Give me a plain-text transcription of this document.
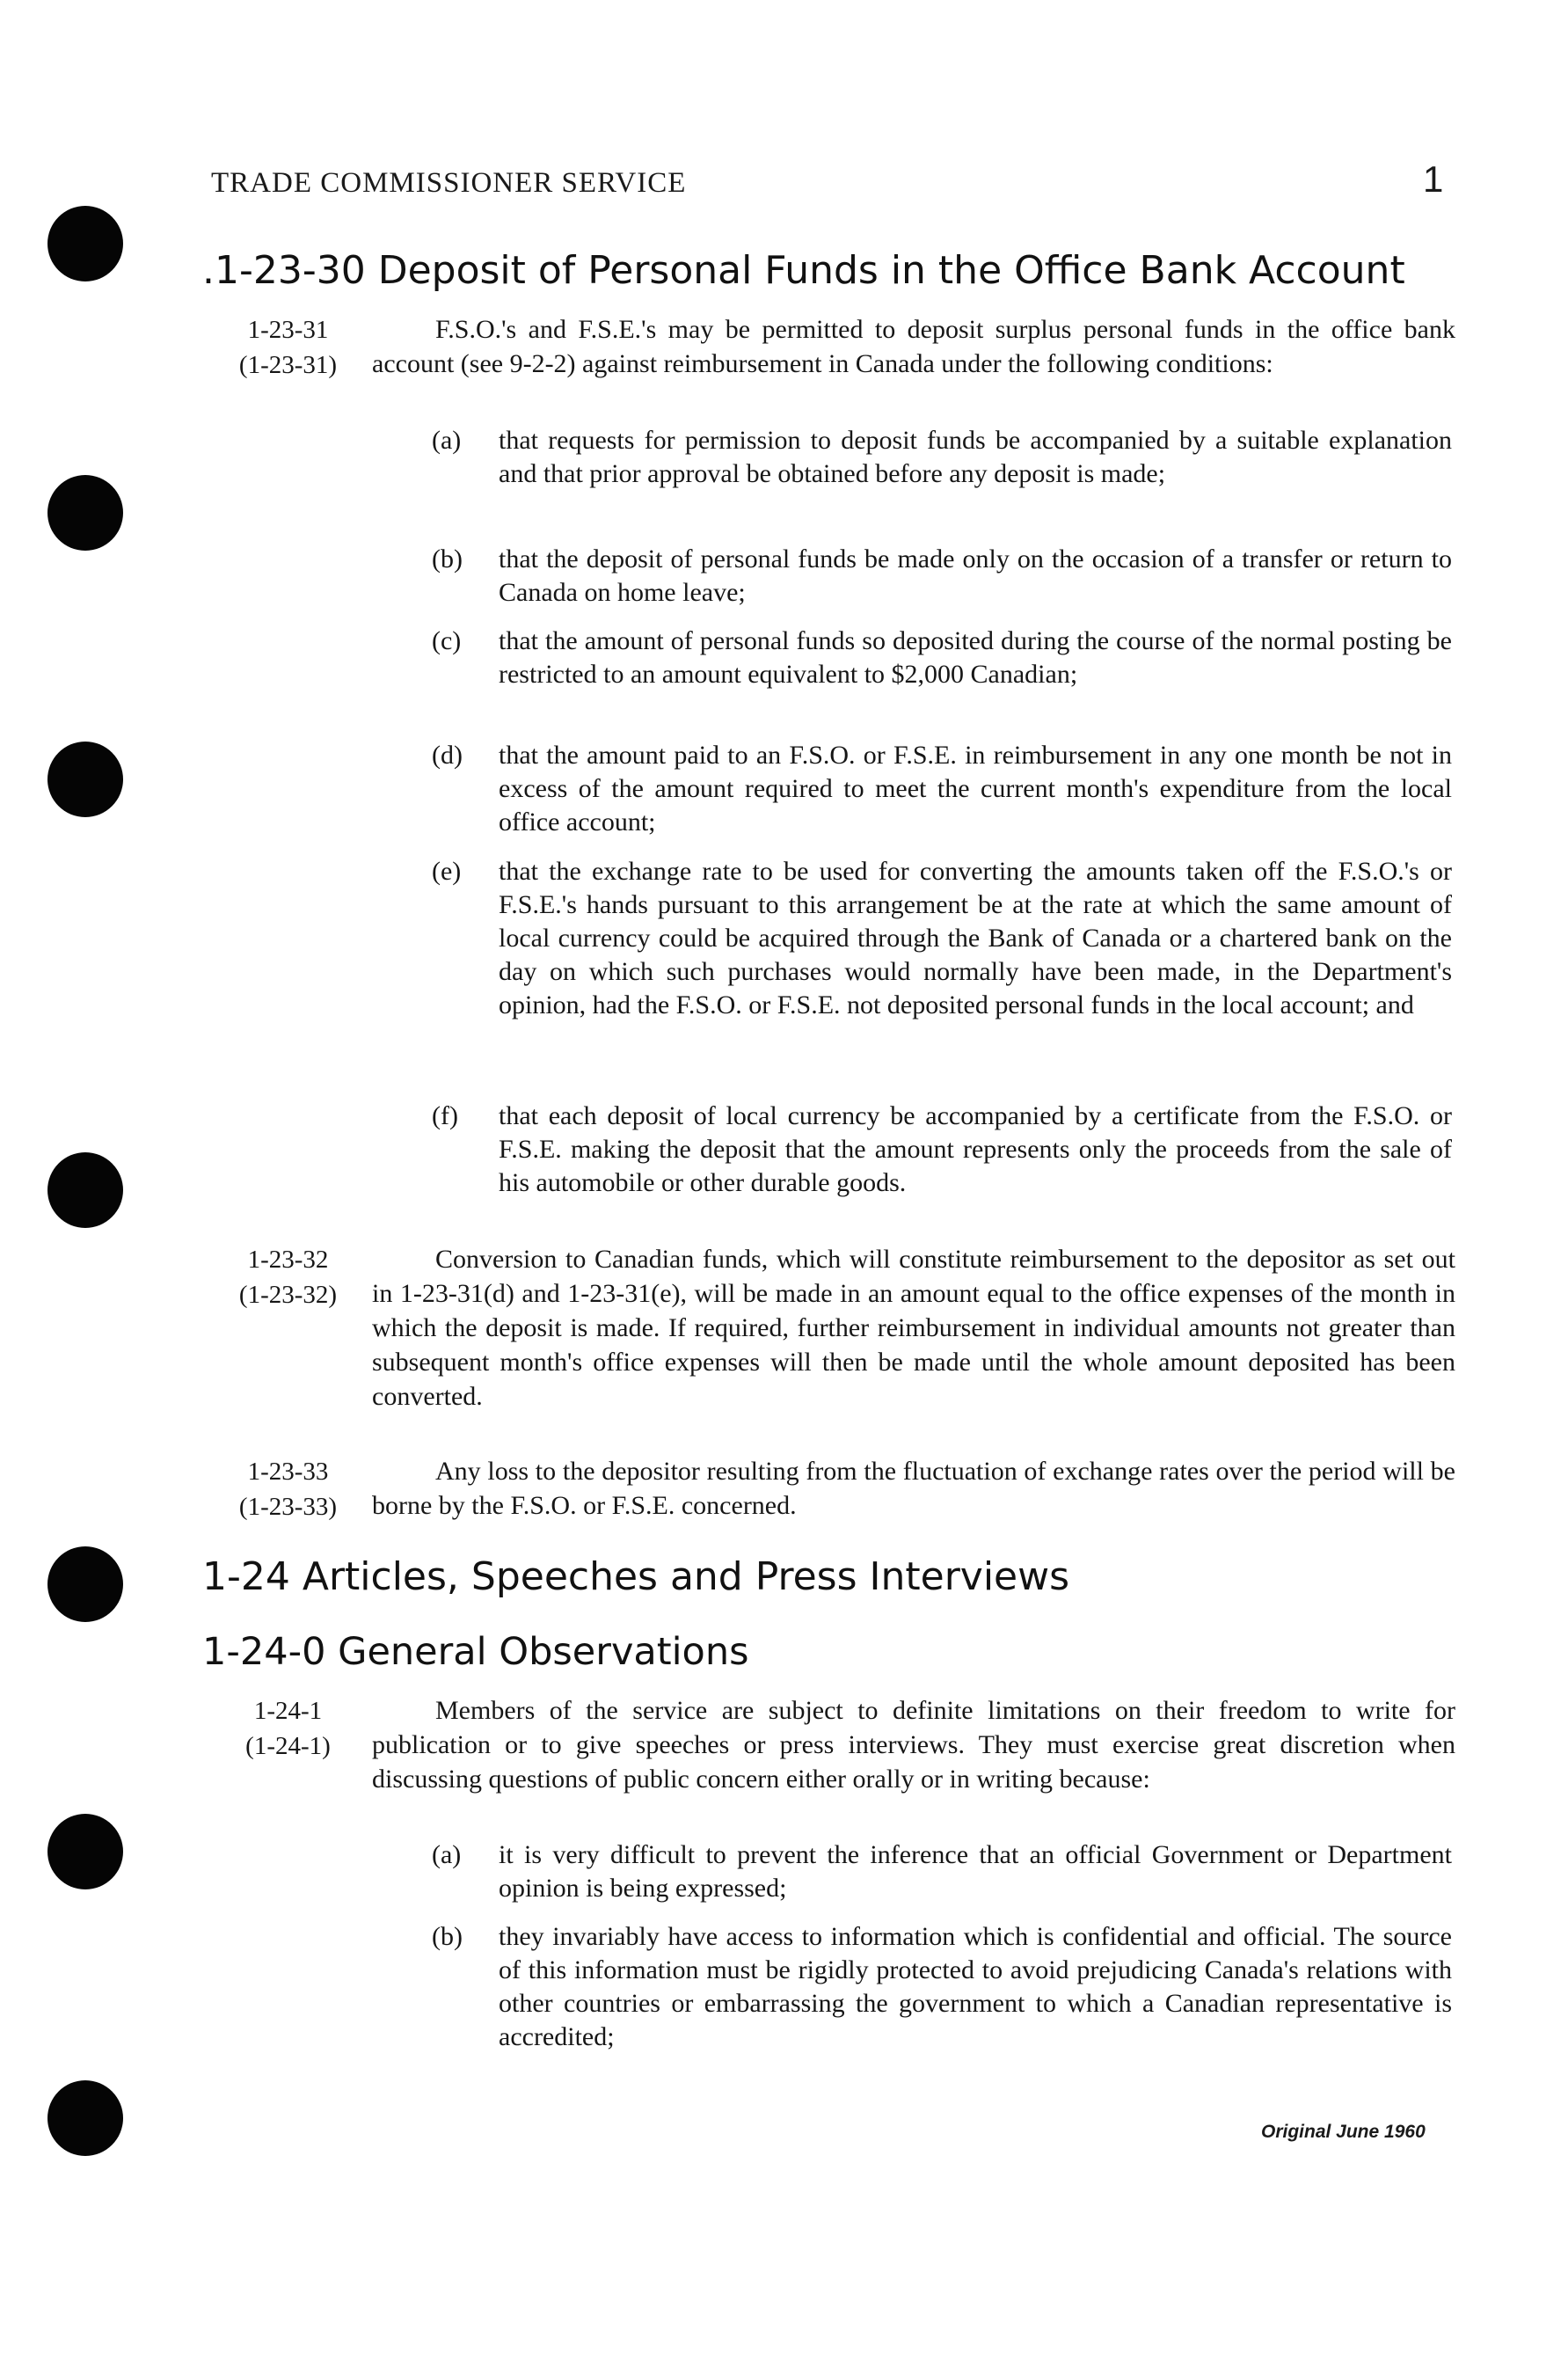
TRADE COMMISSIONER SERVICE	1
.1-23-30 Deposit of Personal Funds in the Office Bank Account
1-23-31
(1-23-31)
F.S.O.'s and F.S.E.'s may be permitted to deposit surplus personal funds in the office bank account (see 9-2-2) against reimbursement in Canada under the following conditions:
(a) that requests for permission to deposit funds be accompanied by a suitable explanation and that prior approval be obtained before any deposit is made;
(b) that the deposit of personal funds be made only on the occasion of a transfer or return to Canada on home leave;
(c) that the amount of personal funds so deposited during the course of the normal posting be restricted to an amount equivalent to $2,000 Canadian;
(d) that the amount paid to an F.S.O. or F.S.E. in reimbursement in any one month be not in excess of the amount required to meet the current month's expenditure from the local office account;
(e) that the exchange rate to be used for converting the amounts taken off the F.S.O.'s or F.S.E.'s hands pursuant to this arrangement be at the rate at which the same amount of local currency could be acquired through the Bank of Canada or a chartered bank on the day on which such purchases would normally have been made, in the Department's opinion, had the F.S.O. or F.S.E. not deposited personal funds in the local account; and
(f) that each deposit of local currency be accompanied by a certificate from the F.S.O. or F.S.E. making the deposit that the amount represents only the proceeds from the sale of his automobile or other durable goods.
1-23-32
(1-23-32)
Conversion to Canadian funds, which will constitute reimbursement to the depositor as set out in 1-23-31(d) and 1-23-31(e), will be made in an amount equal to the office expenses of the month in which the deposit is made. If required, further reimbursement in individual amounts not greater than subsequent month's office expenses will then be made until the whole amount deposited has been converted.
1-23-33
(1-23-33)
Any loss to the depositor resulting from the fluctuation of exchange rates over the period will be borne by the F.S.O. or F.S.E. concerned.
1-24 Articles, Speeches and Press Interviews
1-24-0 General Observations
1-24-1
(1-24-1)
Members of the service are subject to definite limitations on their freedom to write for publication or to give speeches or press interviews. They must exercise great discretion when discussing questions of public concern either orally or in writing because:
(a) it is very difficult to prevent the inference that an official Government or Department opinion is being expressed;
(b) they invariably have access to information which is confidential and official. The source of this information must be rigidly protected to avoid prejudicing Canada's relations with other countries or embarrassing the government to which a Canadian representative is accredited;
Original June 1960
